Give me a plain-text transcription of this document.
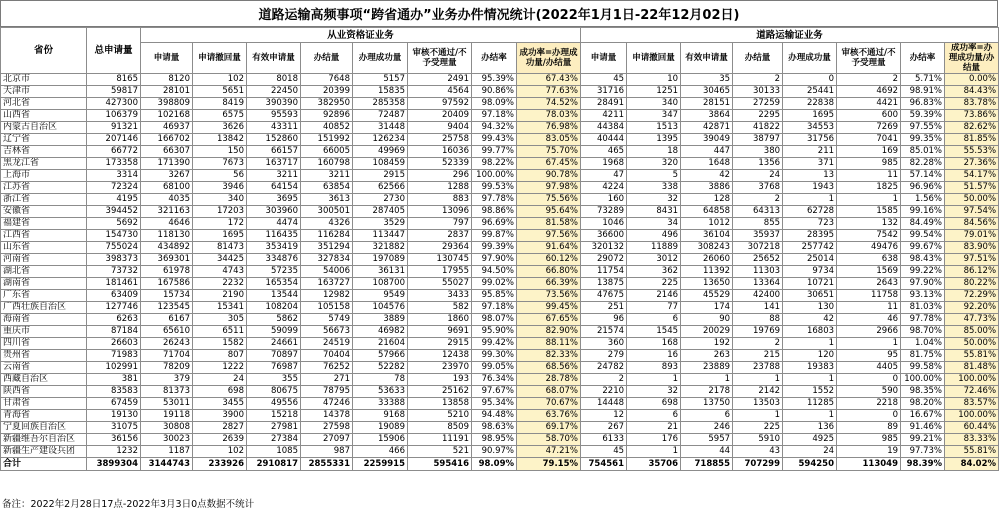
道路运输高频事项“跨省通办”业务办件情况统计(2022年1月1日-22年12月02日)
省份	总申请量	从业资格证业务								道路运输证业务							
		申请量	申请撤回量	有效申请量	办结量	办理成功量	审核不通过/不予受理量	办结率	成功率=办理成功量/办结量	申请量	申请撤回量	有效申请量	办结量	办理成功量	审核不通过/不予受理量	办结率	成功率=办理成功量/办结量
北京市	8165	8120	102	8018	7648	5157	2491	95.39%	67.43%	45	10	35	2	0	2	5.71%	0.00%
天津市	59817	28101	5651	22450	20399	15835	4564	90.86%	77.63%	31716	1251	30465	30133	25441	4692	98.91%	84.43%
河北省	427300	398809	8419	390390	382950	285358	97592	98.09%	74.52%	28491	340	28151	27259	22838	4421	96.83%	83.78%
山西省	106379	102168	6575	95593	92896	72487	20409	97.18%	78.03%	4211	347	3864	2295	1695	600	59.39%	73.86%
内蒙古自治区	91321	46937	3626	43311	40852	31448	9404	94.32%	76.98%	44384	1513	42871	41822	34553	7269	97.55%	82.62%
辽宁省	207146	166702	13842	152860	151992	126234	25758	99.43%	83.05%	40444	1395	39049	38797	31756	7041	99.35%	81.85%
吉林省	66772	66307	150	66157	66005	49969	16036	99.77%	75.70%	465	18	447	380	211	169	85.01%	55.53%
黑龙江省	173358	171390	7673	163717	160798	108459	52339	98.22%	67.45%	1968	320	1648	1356	371	985	82.28%	27.36%
上海市	3314	3267	56	3211	3211	2915	296	100.00%	90.78%	47	5	42	24	13	11	57.14%	54.17%
江苏省	72324	68100	3946	64154	63854	62566	1288	99.53%	97.98%	4224	338	3886	3768	1943	1825	96.96%	51.57%
浙江省	4195	4035	340	3695	3613	2730	883	97.78%	75.56%	160	32	128	2	1	1	1.56%	50.00%
安徽省	394452	321163	17203	303960	300501	287405	13096	98.86%	95.64%	73289	8431	64858	64313	62728	1585	99.16%	97.54%
福建省	5692	4646	172	4474	4326	3529	797	96.69%	81.58%	1046	34	1012	855	723	132	84.49%	84.56%
江西省	154730	118130	1695	116435	116284	113447	2837	99.87%	97.56%	36600	496	36104	35937	28395	7542	99.54%	79.01%
山东省	755024	434892	81473	353419	351294	321882	29364	99.39%	91.64%	320132	11889	308243	307218	257742	49476	99.67%	83.90%
河南省	398373	369301	34425	334876	327834	197089	130745	97.90%	60.12%	29072	3012	26060	25652	25014	638	98.43%	97.51%
湖北省	73732	61978	4743	57235	54006	36131	17955	94.50%	66.80%	11754	362	11392	11303	9734	1569	99.22%	86.12%
湖南省	181461	167586	2232	165354	163727	108700	55027	99.02%	66.39%	13875	225	13650	13364	10721	2643	97.90%	80.22%
广东省	63409	15734	2190	13544	12982	9549	3433	95.85%	73.56%	47675	2146	45529	42400	30651	11758	93.13%	72.29%
广西壮族自治区	127746	123545	15341	108204	105158	104576	582	97.18%	99.45%	251	77	174	141	130	11	81.03%	92.20%
海南省	6263	6167	305	5862	5749	3889	1860	98.07%	67.65%	96	6	90	88	42	46	97.78%	47.73%
重庆市	87184	65610	6511	59099	56673	46982	9691	95.90%	82.90%	21574	1545	20029	19769	16803	2966	98.70%	85.00%
四川省	26603	26243	1582	24661	24519	21604	2915	99.42%	88.11%	360	168	192	2	1	1	1.04%	50.00%
贵州省	71983	71704	807	70897	70404	57966	12438	99.30%	82.33%	279	16	263	215	120	95	81.75%	55.81%
云南省	102991	78209	1222	76987	76252	52282	23970	99.05%	68.56%	24782	893	23889	23788	19383	4405	99.58%	81.48%
西藏自治区	381	379	24	355	271	78	193	76.34%	28.78%	2	1	1	1	1	0	100.00%	100.00%
陕西省	83583	81373	698	80675	78795	53633	25162	97.67%	68.07%	2210	32	2178	2142	1552	590	98.35%	72.46%
甘肃省	67459	53011	3455	49556	47246	33388	13858	95.34%	70.67%	14448	698	13750	13503	11285	2218	98.20%	83.57%
青海省	19130	19118	3900	15218	14378	9168	5210	94.48%	63.76%	12	6	6	1	1	0	16.67%	100.00%
宁夏回族自治区	31075	30808	2827	27981	27598	19089	8509	98.63%	69.17%	267	21	246	225	136	89	91.46%	60.44%
新疆维吾尔自治区	36156	30023	2639	27384	27097	15906	11191	98.95%	58.70%	6133	176	5957	5910	4925	985	99.21%	83.33%
新疆生产建设兵团	1232	1187	102	1085	987	466	521	90.97%	47.21%	45	1	44	43	24	19	97.73%	55.81%
合计	3899304	3144743	233926	2910817	2855331	2259915	595416	98.09%	79.15%	754561	35706	718855	707299	594250	113049	98.39%	84.02%
备注：2022年2月28日17点-2022年3月3日0点数据不统计
